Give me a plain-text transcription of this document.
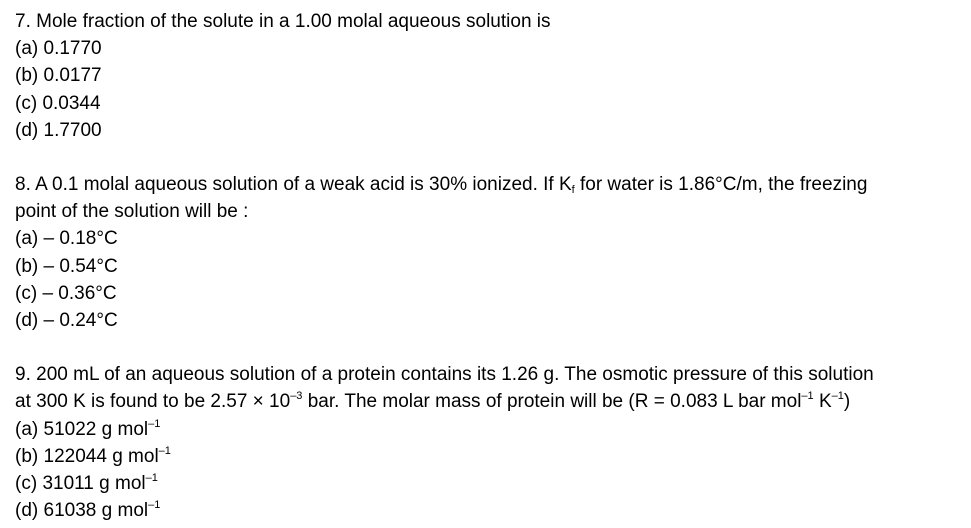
7. Mole fraction of the solute in a 1.00 molal aqueous solution is
(a) 0.1770
(b) 0.0177
(c) 0.0344
(d) 1.7700
8. A 0.1 molal aqueous solution of a weak acid is 30% ionized. If $K_f$ for water is 1.86°C/m, the freezing
point of the solution will be :
(a) – 0.18°C
(b) – 0.54°C
(c) – 0.36°C
(d) – 0.24°C
9. 200 mL of an aqueous solution of a protein contains its 1.26 g. The osmotic pressure of this solution
at 300 K is found to be $2.57 \times 10^{-3}$ bar. The molar mass of protein will be (R = 0.083 L bar mol$^{-1}$ $K^{-1}$)
(a) 51022 g mol$^{-1}$
(b) 122044 g mol$^{-1}$
(c) 31011 g mol$^{-1}$
(d) 61038 g mol$^{-1}$
